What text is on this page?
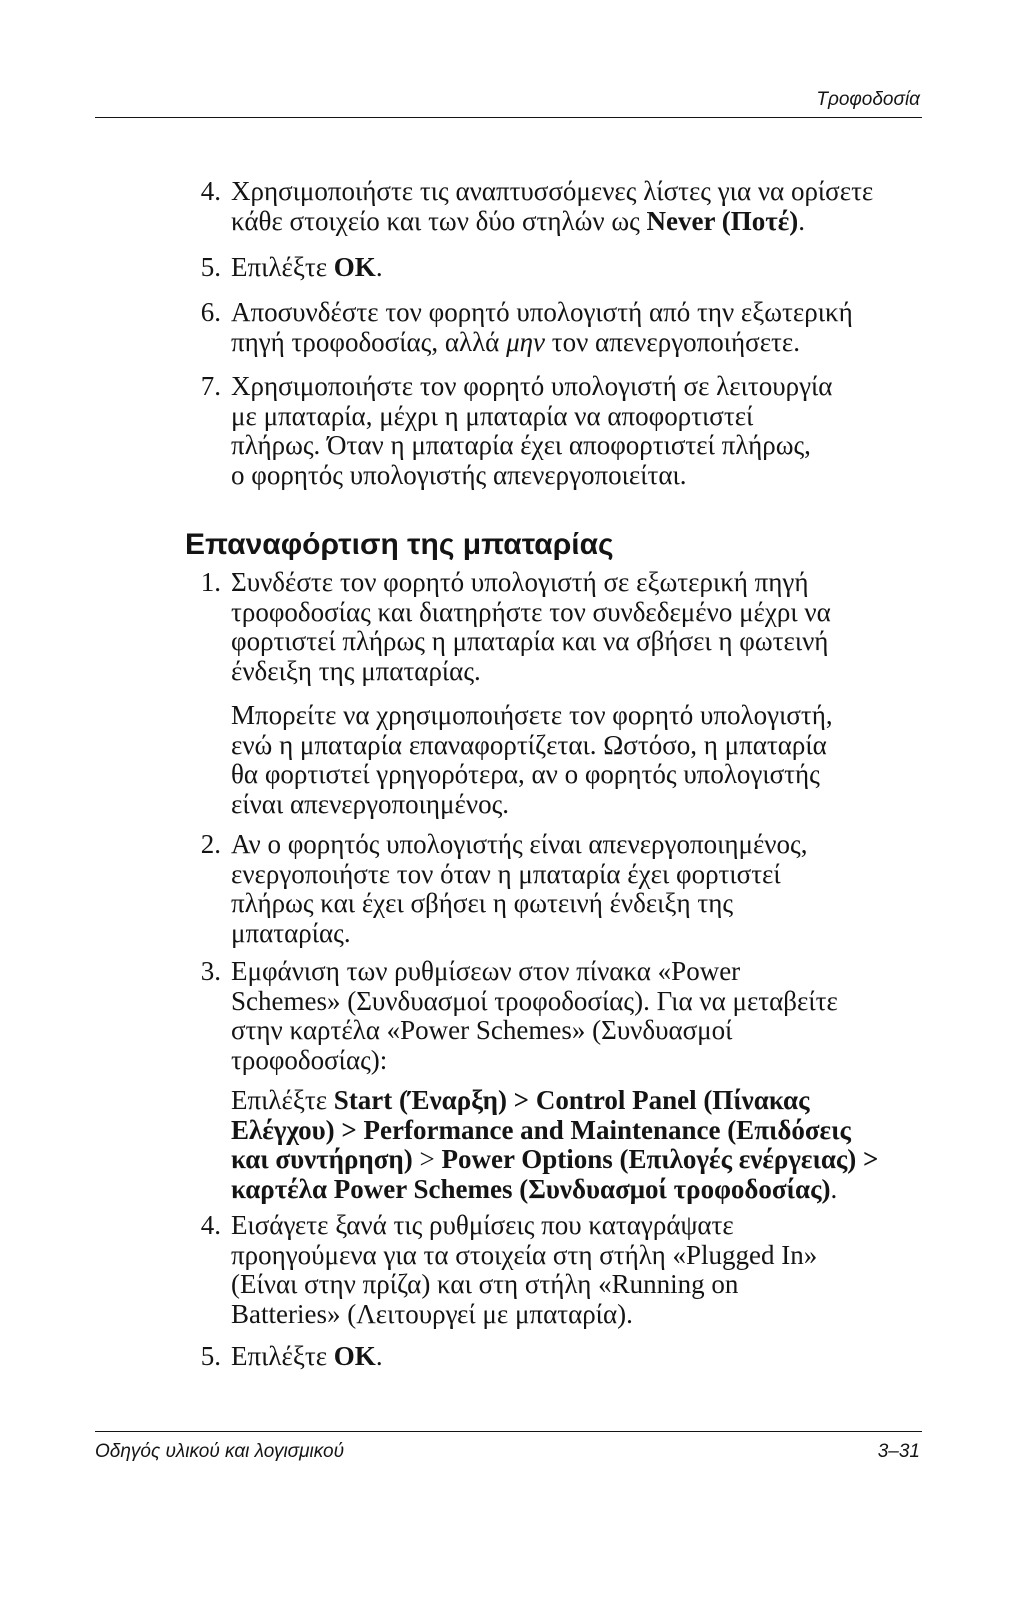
Τροφοδοσία
4. Χρησιμοποιήστε τις αναπτυσσόμενες λίστες για να ορίσετε
κάθε στοιχείο και των δύο στηλών ως Never (Ποτέ).
5. Επιλέξτε OK.
6. Αποσυνδέστε τον φορητό υπολογιστή από την εξωτερική
πηγή τροφοδοσίας, αλλά μην τον απενεργοποιήσετε.
7. Χρησιμοποιήστε τον φορητό υπολογιστή σε λειτουργία
με μπαταρία, μέχρι η μπαταρία να αποφορτιστεί
πλήρως. Όταν η μπαταρία έχει αποφορτιστεί πλήρως,
ο φορητός υπολογιστής απενεργοποιείται.
Επαναφόρτιση της μπαταρίας
1. Συνδέστε τον φορητό υπολογιστή σε εξωτερική πηγή
τροφοδοσίας και διατηρήστε τον συνδεδεμένο μέχρι να
φορτιστεί πλήρως η μπαταρία και να σβήσει η φωτεινή
ένδειξη της μπαταρίας.
Μπορείτε να χρησιμοποιήσετε τον φορητό υπολογιστή,
ενώ η μπαταρία επαναφορτίζεται. Ωστόσο, η μπαταρία
θα φορτιστεί γρηγορότερα, αν ο φορητός υπολογιστής
είναι απενεργοποιημένος.
2. Αν ο φορητός υπολογιστής είναι απενεργοποιημένος,
ενεργοποιήστε τον όταν η μπαταρία έχει φορτιστεί
πλήρως και έχει σβήσει η φωτεινή ένδειξη της
μπαταρίας.
3. Εμφάνιση των ρυθμίσεων στον πίνακα «Power
Schemes» (Συνδυασμοί τροφοδοσίας). Για να μεταβείτε
στην καρτέλα «Power Schemes» (Συνδυασμοί
τροφοδοσίας):
Επιλέξτε Start (Έναρξη) > Control Panel (Πίνακας
Ελέγχου) > Performance and Maintenance (Επιδόσεις
και συντήρηση) > Power Options (Επιλογές ενέργειας) >
καρτέλα Power Schemes (Συνδυασμοί τροφοδοσίας).
4. Εισάγετε ξανά τις ρυθμίσεις που καταγράψατε
προηγούμενα για τα στοιχεία στη στήλη «Plugged In»
(Είναι στην πρίζα) και στη στήλη «Running on
Batteries» (Λειτουργεί με μπαταρία).
5. Επιλέξτε OK.
Οδηγός υλικού και λογισμικού	3–31
